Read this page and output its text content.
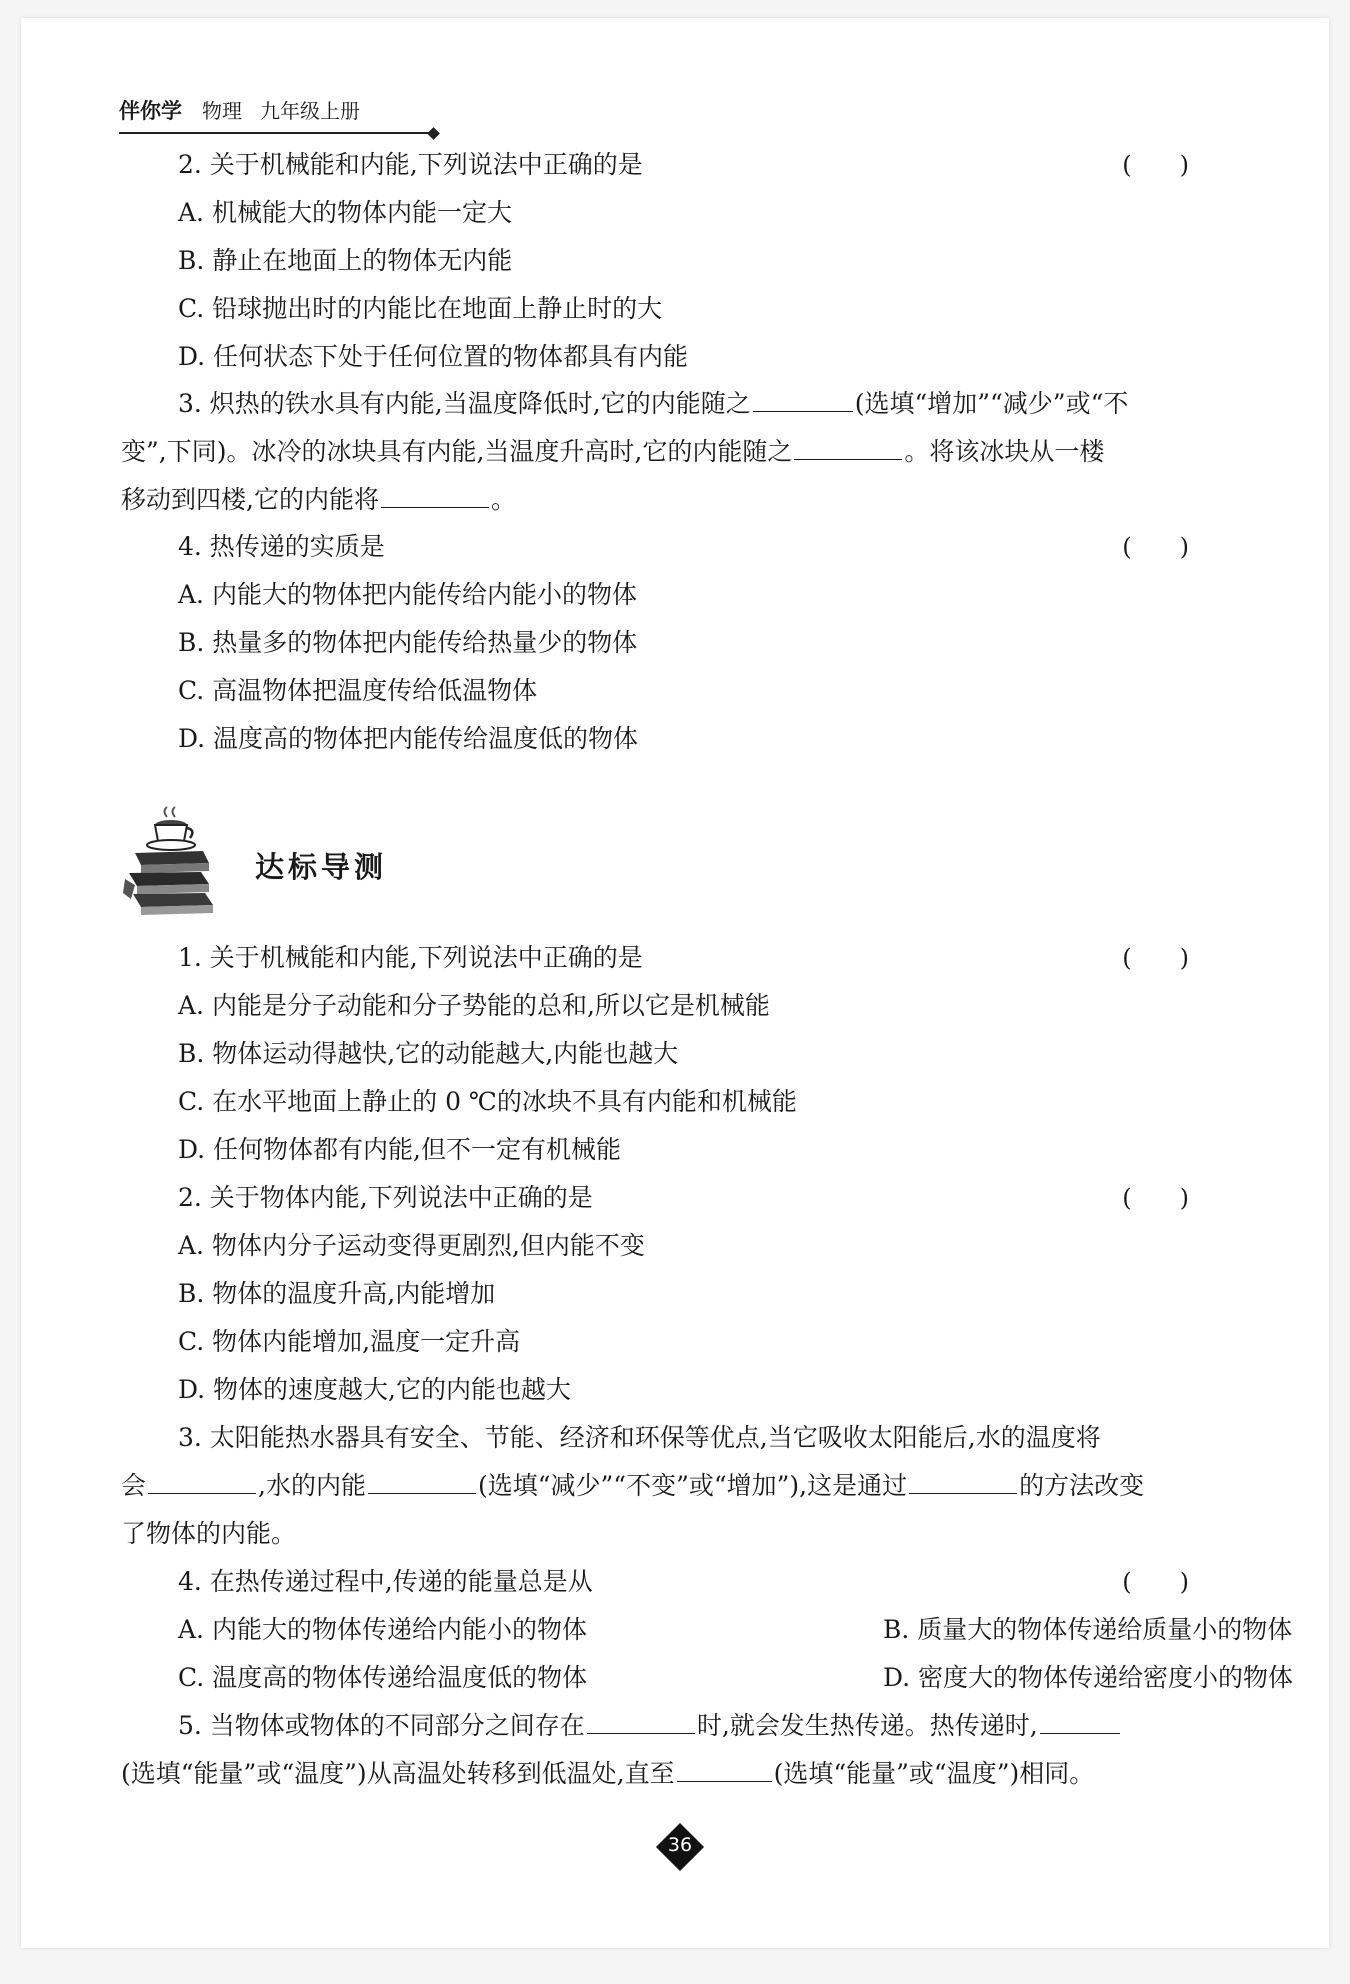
伴你学 物理 九年级上册
2. 关于机械能和内能,下列说法中正确的是	(　　)
A. 机械能大的物体内能一定大
B. 静止在地面上的物体无内能
C. 铅球抛出时的内能比在地面上静止时的大
D. 任何状态下处于任何位置的物体都具有内能
3. 炽热的铁水具有内能,当温度降低时,它的内能随之	(选填“增加”“减少”或“不
变”,下同)。冰冷的冰块具有内能,当温度升高时,它的内能随之	。将该冰块从一楼
移动到四楼,它的内能将	。
4. 热传递的实质是	(　　)
A. 内能大的物体把内能传给内能小的物体
B. 热量多的物体把内能传给热量少的物体
C. 高温物体把温度传给低温物体
D. 温度高的物体把内能传给温度低的物体
达标导测
1. 关于机械能和内能,下列说法中正确的是	(　　)
A. 内能是分子动能和分子势能的总和,所以它是机械能
B. 物体运动得越快,它的动能越大,内能也越大
C. 在水平地面上静止的 0 ℃的冰块不具有内能和机械能
D. 任何物体都有内能,但不一定有机械能
2. 关于物体内能,下列说法中正确的是	(　　)
A. 物体内分子运动变得更剧烈,但内能不变
B. 物体的温度升高,内能增加
C. 物体内能增加,温度一定升高
D. 物体的速度越大,它的内能也越大
3. 太阳能热水器具有安全、节能、经济和环保等优点,当它吸收太阳能后,水的温度将
会	,水的内能	(选填“减少”“不变”或“增加”),这是通过	的方法改变
了物体的内能。
4. 在热传递过程中,传递的能量总是从	(　　)
A. 内能大的物体传递给内能小的物体	B. 质量大的物体传递给质量小的物体
C. 温度高的物体传递给温度低的物体	D. 密度大的物体传递给密度小的物体
5. 当物体或物体的不同部分之间存在	时,就会发生热传递。热传递时,
(选填“能量”或“温度”)从高温处转移到低温处,直至	(选填“能量”或“温度”)相同。
36
